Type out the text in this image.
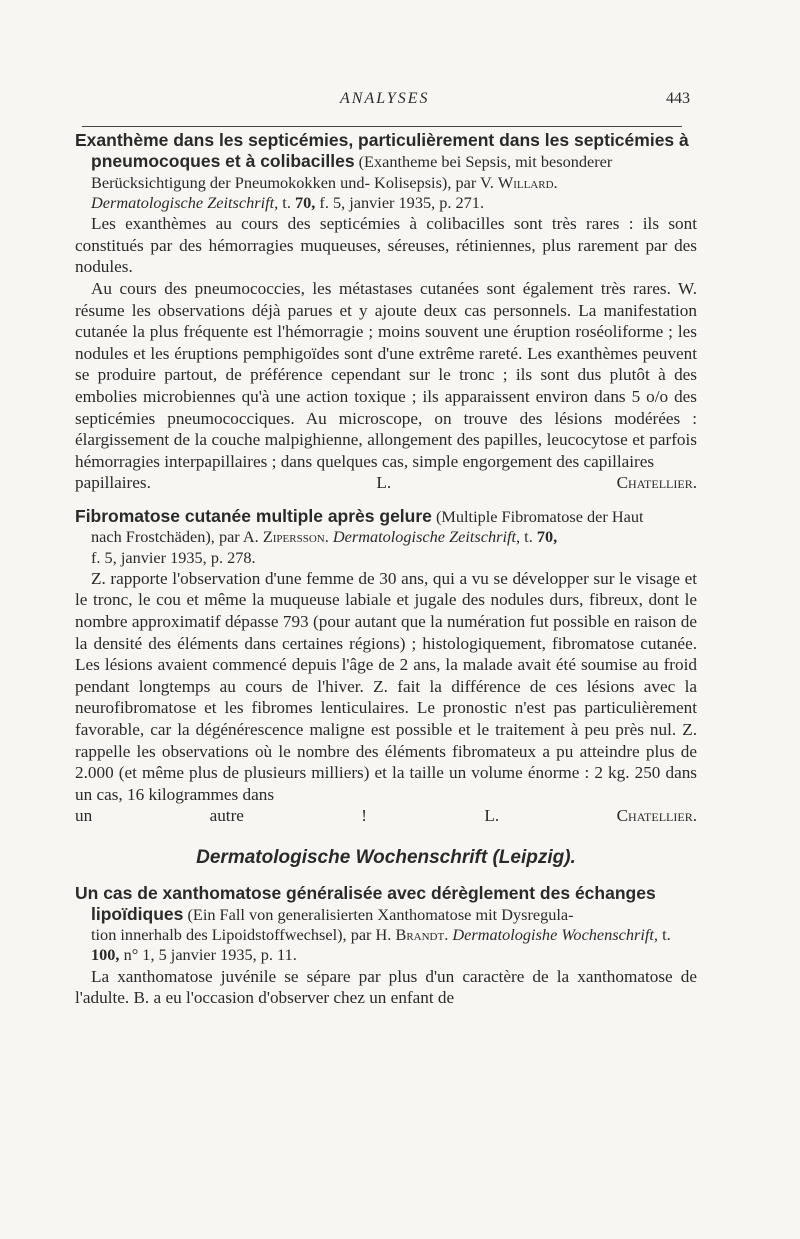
ANALYSES	443
Exanthème dans les septicémies, particulièrement dans les septicémies à
pneumocoques et à colibacilles (Exantheme bei Sepsis, mit besonderer
Berücksichtigung der Pneumokokken und- Kolisepsis), par V. Willard.
Dermatologische Zeitschrift, t. 70, f. 5, janvier 1935, p. 271.

Les exanthèmes au cours des septicémies à colibacilles sont très rares : ils sont constitués par des hémorragies muqueuses, séreuses, rétiniennes, plus rarement par des nodules.

Au cours des pneumococcies, les métastases cutanées sont également très rares. W. résume les observations déjà parues et y ajoute deux cas personnels. La manifestation cutanée la plus fréquente est l'hémorragie ; moins souvent une éruption roséoliforme ; les nodules et les éruptions pemphigoïdes sont d'une extrême rareté. Les exanthèmes peuvent se produire partout, de préférence cependant sur le tronc ; ils sont dus plutôt à des embolies microbiennes qu'à une action toxique ; ils apparaissent environ dans 5 o/o des septicémies pneumococciques. Au microscope, on trouve des lésions modérées : élargissement de la couche malpighienne, allongement des papilles, leucocytose et parfois hémorragies interpapillaires ; dans quelques cas, simple engorgement des capillaires

papillaires.	L. Chatellier.

Fibromatose cutanée multiple après gelure (Multiple Fibromatose der Haut
nach Frostchäden), par A. Zipersson. Dermatologische Zeitschrift, t. 70,
f. 5, janvier 1935, p. 278.

Z. rapporte l'observation d'une femme de 30 ans, qui a vu se développer sur le visage et le tronc, le cou et même la muqueuse labiale et jugale des nodules durs, fibreux, dont le nombre approximatif dépasse 793 (pour autant que la numération fut possible en raison de la densité des éléments dans certaines régions) ; histologiquement, fibromatose cutanée. Les lésions avaient commencé depuis l'âge de 2 ans, la malade avait été soumise au froid pendant longtemps au cours de l'hiver. Z. fait la différence de ces lésions avec la neurofibromatose et les fibromes lenticulaires. Le pronostic n'est pas particulièrement favorable, car la dégénérescence maligne est possible et le traitement à peu près nul. Z. rappelle les observations où le nombre des éléments fibromateux a pu atteindre plus de 2.000 (et même plus de plusieurs milliers) et la taille un volume énorme : 2 kg. 250 dans un cas, 16 kilogrammes dans

un autre !	L. Chatellier.

Dermatologische Wochenschrift (Leipzig).
Un cas de xanthomatose généralisée avec dérèglement des échanges
lipoïdiques (Ein Fall von generalisierten Xanthomatose mit Dysregula-
tion innerhalb des Lipoidstoffwechsel), par H. Brandt. Dermatologishe Wochenschrift, t. 100, n° 1, 5 janvier 1935, p. 11.

La xanthomatose juvénile se sépare par plus d'un caractère de la xanthomatose de l'adulte. B. a eu l'occasion d'observer chez un enfant de
